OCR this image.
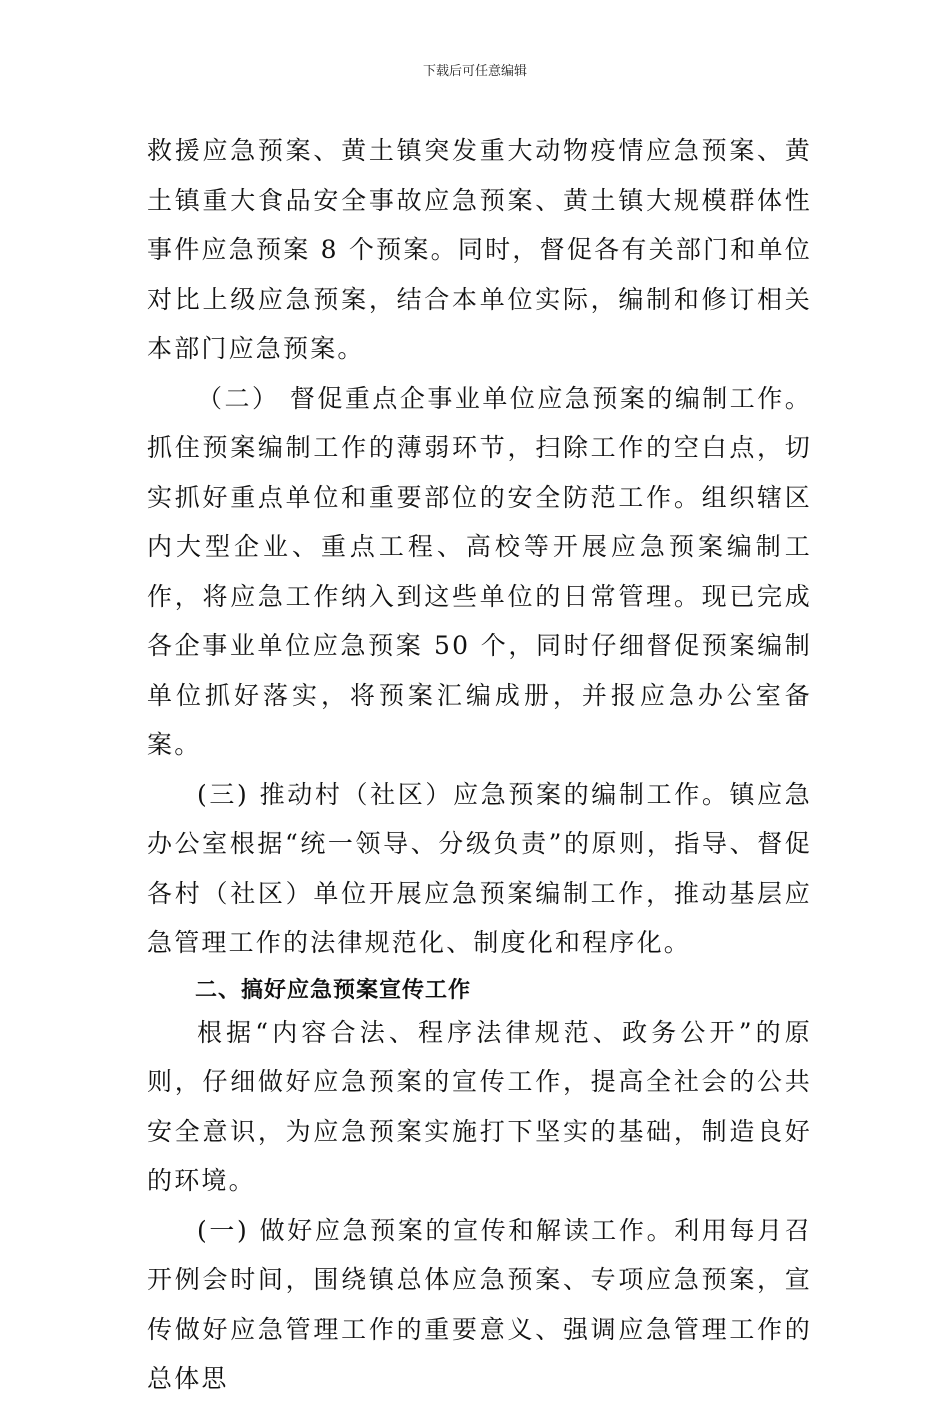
下载后可任意编辑

救援应急预案、黄土镇突发重大动物疫情应急预案、黄土镇重大食品安全事故应急预案、黄土镇大规模群体性事件应急预案 8 个预案。同时，督促各有关部门和单位对比上级应急预案，结合本单位实际，编制和修订相关本部门应急预案。

（二） 督促重点企事业单位应急预案的编制工作。抓住预案编制工作的薄弱环节，扫除工作的空白点，切实抓好重点单位和重要部位的安全防范工作。组织辖区内大型企业、重点工程、高校等开展应急预案编制工作，将应急工作纳入到这些单位的日常管理。现已完成各企事业单位应急预案 50 个，同时仔细督促预案编制单位抓好落实，将预案汇编成册，并报应急办公室备案。

(三) 推动村（社区）应急预案的编制工作。镇应急办公室根据“统一领导、分级负责”的原则，指导、督促各村（社区）单位开展应急预案编制工作，推动基层应急管理工作的法律规范化、制度化和程序化。

二、搞好应急预案宣传工作

根据“内容合法、程序法律规范、政务公开”的原则，仔细做好应急预案的宣传工作，提高全社会的公共安全意识，为应急预案实施打下坚实的基础，制造良好的环境。

(一) 做好应急预案的宣传和解读工作。利用每月召开例会时间，围绕镇总体应急预案、专项应急预案，宣传做好应急管理工作的重要意义、强调应急管理工作的总体思
